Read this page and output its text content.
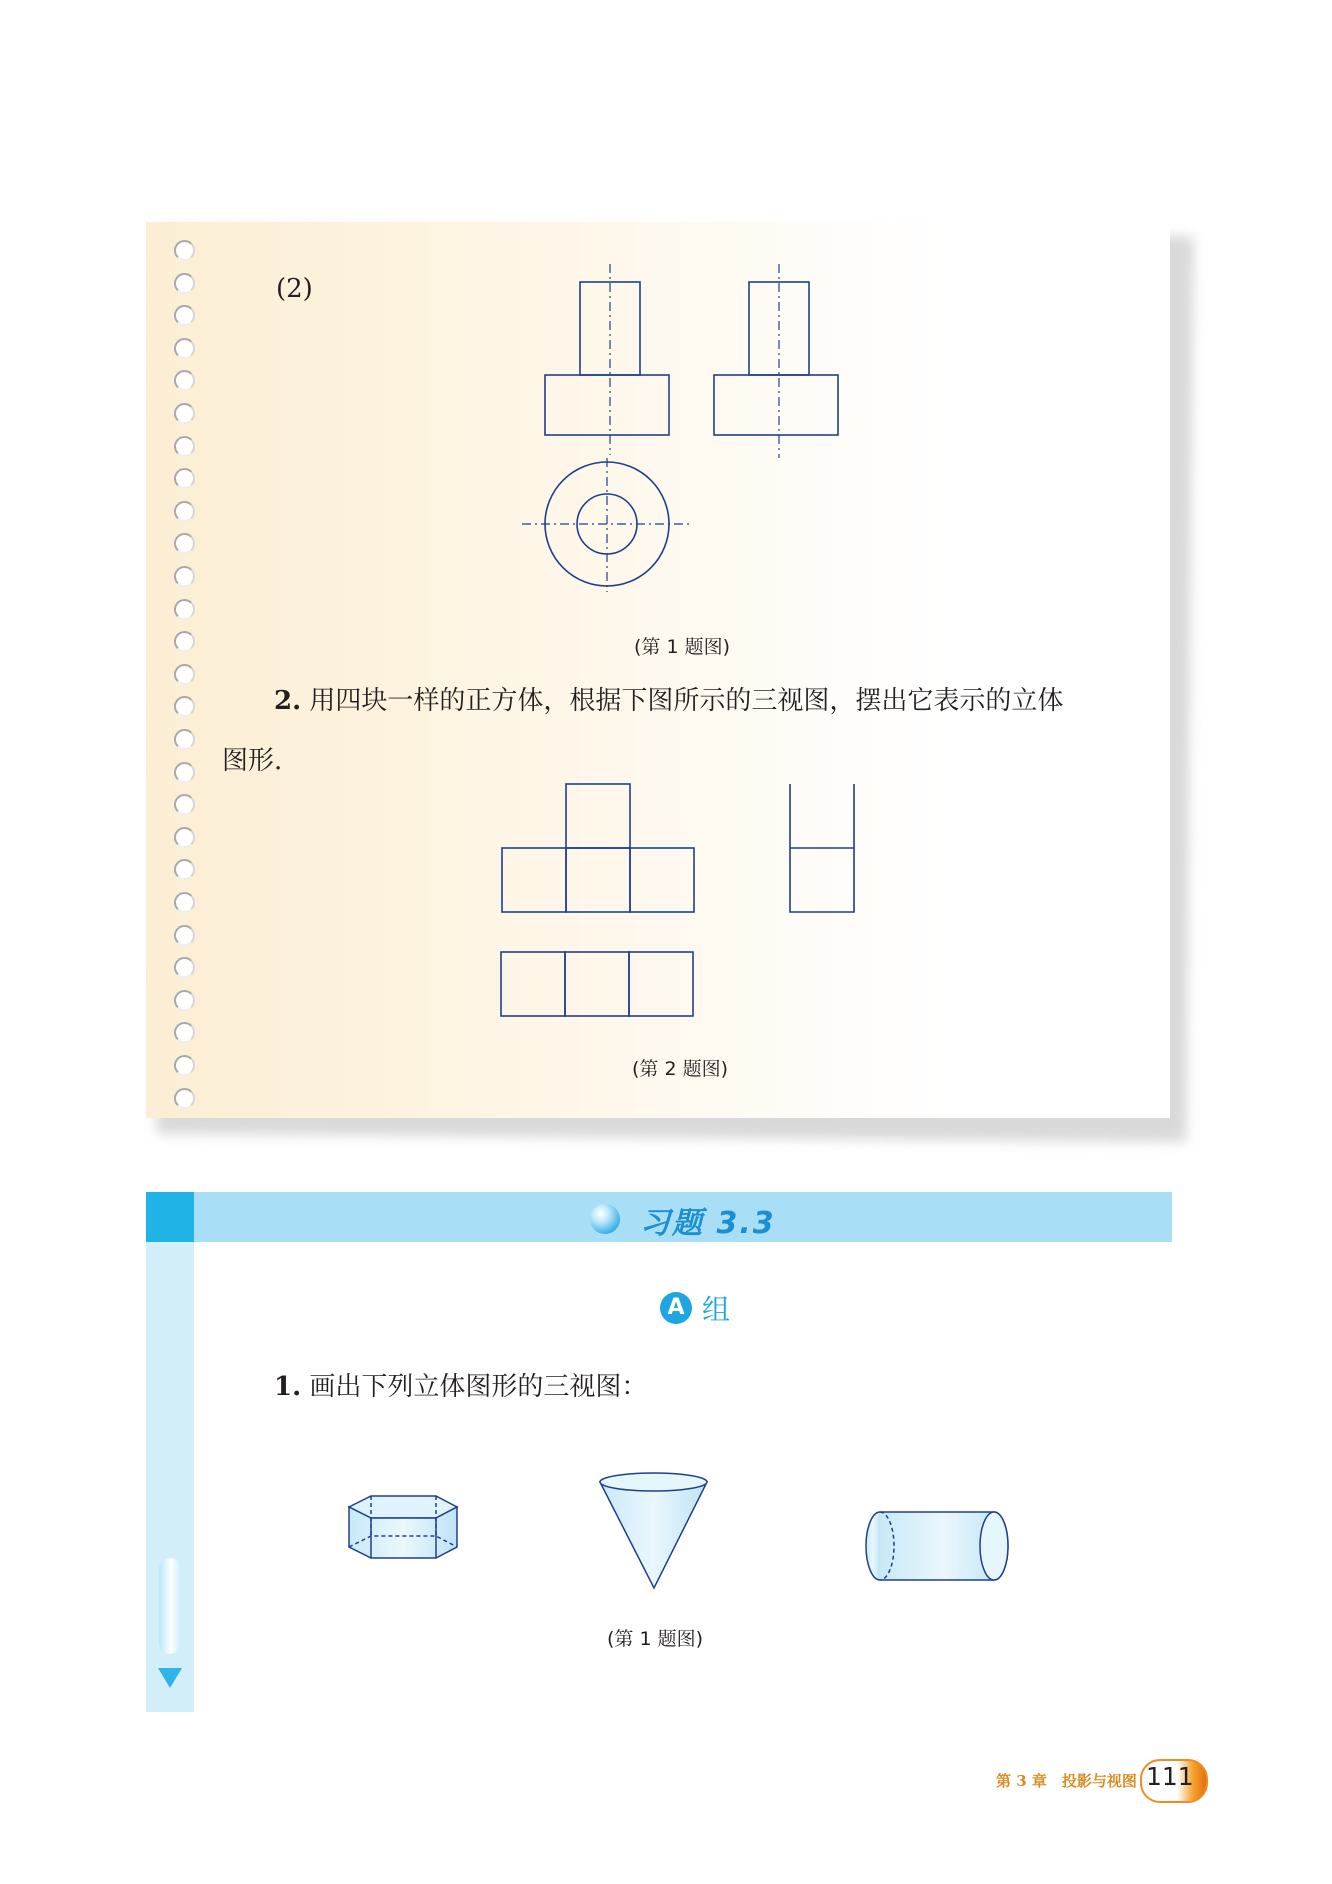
(2)
(第 1 题图)
2. 用四块一样的正方体，根据下图所示的三视图，摆出它表示的立体
图形.
(第 2 题图)
习题 3.3
A 组
1. 画出下列立体图形的三视图：
(第 1 题图)
第 3 章　投影与视图 111
